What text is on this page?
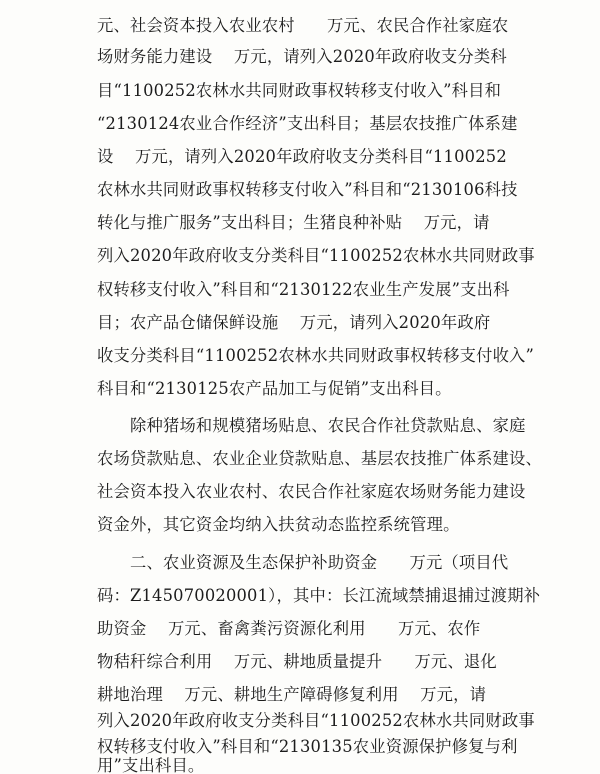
元、社会资本投入农业农村      万元、农民合作社家庭农
场财务能力建设    万元，请列入2020年政府收支分类科
目“1100252农林水共同财政事权转移支付收入”科目和
“2130124农业合作经济”支出科目；基层农技推广体系建
设    万元，请列入2020年政府收支分类科目“1100252
农林水共同财政事权转移支付收入”科目和“2130106科技
转化与推广服务”支出科目；生猪良种补贴    万元，请
列入2020年政府收支分类科目“1100252农林水共同财政事
权转移支付收入”科目和“2130122农业生产发展”支出科
目；农产品仓储保鲜设施    万元，请列入2020年政府
收支分类科目“1100252农林水共同财政事权转移支付收入”
科目和“2130125农产品加工与促销”支出科目。
除种猪场和规模猪场贴息、农民合作社贷款贴息、家庭
农场贷款贴息、农业企业贷款贴息、基层农技推广体系建设、
社会资本投入农业农村、农民合作社家庭农场财务能力建设
资金外，其它资金均纳入扶贫动态监控系统管理。
二、农业资源及生态保护补助资金      万元（项目代
码：Z145070020001），其中：长江流域禁捕退捕过渡期补
助资金    万元、畜禽粪污资源化利用      万元、农作
物秸秆综合利用    万元、耕地质量提升      万元、退化
耕地治理    万元、耕地生产障碍修复利用    万元，请
列入2020年政府收支分类科目“1100252农林水共同财政事
权转移支付收入”科目和“2130135农业资源保护修复与利
用”支出科目。
